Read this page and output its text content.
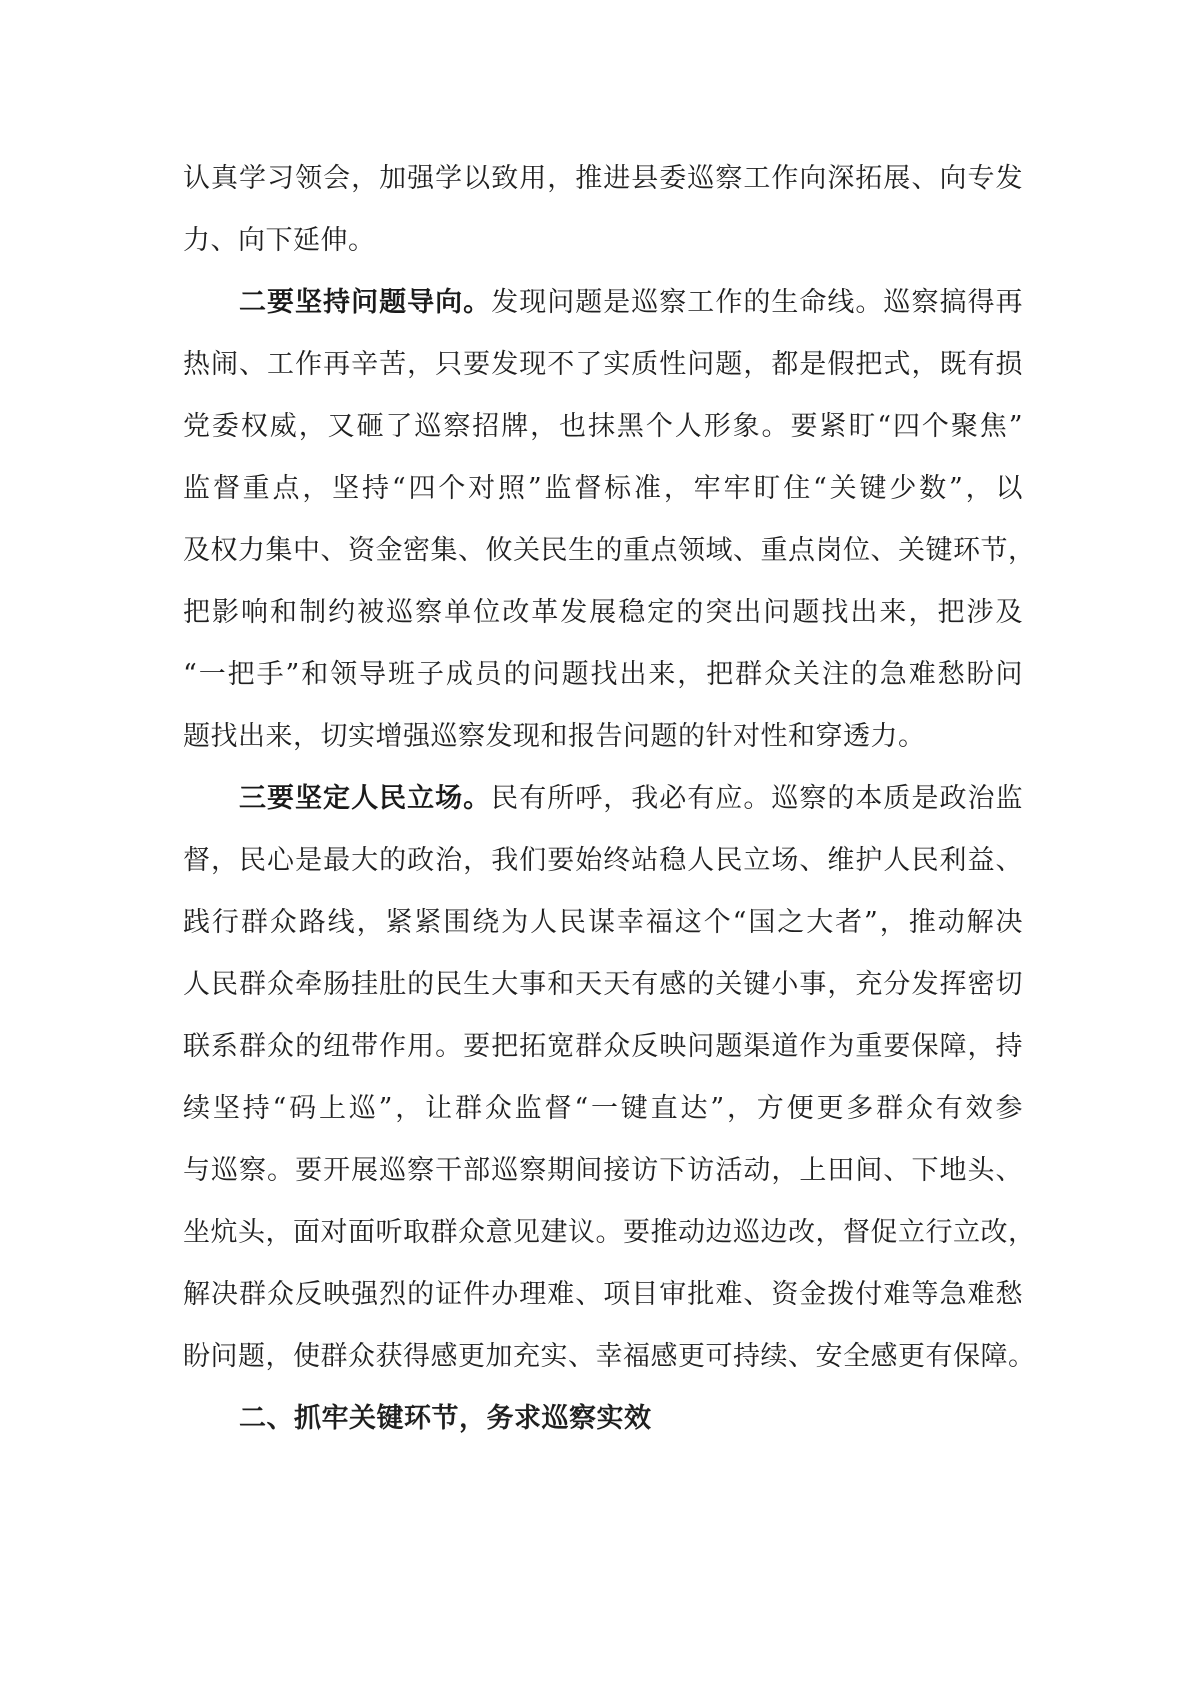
认真学习领会，加强学以致用，推进县委巡察工作向深拓展、向专发
力、向下延伸。
二要坚持问题导向。发现问题是巡察工作的生命线。巡察搞得再
热闹、工作再辛苦，只要发现不了实质性问题，都是假把式，既有损
党委权威，又砸了巡察招牌，也抹黑个人形象。要紧盯“四个聚焦”
监督重点，坚持“四个对照”监督标准，牢牢盯住“关键少数”，以
及权力集中、资金密集、攸关民生的重点领域、重点岗位、关键环节，
把影响和制约被巡察单位改革发展稳定的突出问题找出来，把涉及
“一把手”和领导班子成员的问题找出来，把群众关注的急难愁盼问
题找出来，切实增强巡察发现和报告问题的针对性和穿透力。
三要坚定人民立场。民有所呼，我必有应。巡察的本质是政治监
督，民心是最大的政治，我们要始终站稳人民立场、维护人民利益、
践行群众路线，紧紧围绕为人民谋幸福这个“国之大者”，推动解决
人民群众牵肠挂肚的民生大事和天天有感的关键小事，充分发挥密切
联系群众的纽带作用。要把拓宽群众反映问题渠道作为重要保障，持
续坚持“码上巡”，让群众监督“一键直达”，方便更多群众有效参
与巡察。要开展巡察干部巡察期间接访下访活动，上田间、下地头、
坐炕头，面对面听取群众意见建议。要推动边巡边改，督促立行立改，
解决群众反映强烈的证件办理难、项目审批难、资金拨付难等急难愁
盼问题，使群众获得感更加充实、幸福感更可持续、安全感更有保障。
二、抓牢关键环节，务求巡察实效
